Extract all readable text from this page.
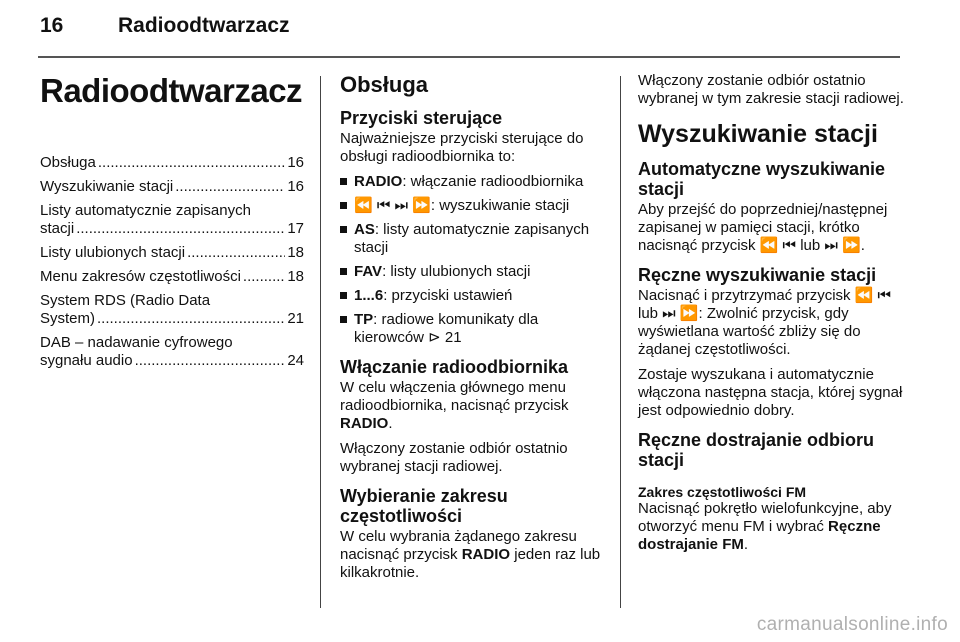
16	Radioodtwarzacz
Radioodtwarzacz
Obsługa .....	16
Wyszukiwanie stacji .....	16
Listy automatycznie zapisanych
stacji .....	17
Listy ulubionych stacji .....	18
Menu zakresów częstotliwości .....	18
System RDS (Radio Data
System) .....	21
DAB – nadawanie cyfrowego
sygnału audio .....	24
Obsługa
Przyciski sterujące

Najważniejsze przyciski sterujące do obsługi radioodbiornika to:

RADIO: włączanie radioodbiornika
⏪ ⏮ ⏭ ⏩: wyszukiwanie stacji
AS: listy automatycznie zapisanych stacji
FAV: listy ulubionych stacji
1...6: przyciski ustawień
TP: radiowe komunikaty dla kierowców ⊳ 21
Włączanie radioodbiornika

W celu włączenia głównego menu radioodbiornika, nacisnąć przycisk RADIO.

Włączony zostanie odbiór ostatnio wybranej stacji radiowej.

Wybieranie zakresu częstotliwości

W celu wybrania żądanego zakresu nacisnąć przycisk RADIO jeden raz lub kilkakrotnie.

Włączony zostanie odbiór ostatnio wybranej w tym zakresie stacji radiowej.

Wyszukiwanie stacji
Automatyczne wyszukiwanie stacji

Aby przejść do poprzedniej/następnej zapisanej w pamięci stacji, krótko nacisnąć przycisk ⏪ ⏮ lub ⏭ ⏩.

Ręczne wyszukiwanie stacji

Nacisnąć i przytrzymać przycisk ⏪ ⏮ lub ⏭ ⏩: Zwolnić przycisk, gdy wyświetlana wartość zbliży się do żądanej częstotliwości.

Zostaje wyszukana i automatycznie włączona następna stacja, której sygnał jest odpowiednio dobry.

Ręczne dostrajanie odbioru stacji
Zakres częstotliwości FM

Nacisnąć pokrętło wielofunkcyjne, aby otworzyć menu FM i wybrać Ręczne dostrajanie FM.

carmanualsonline.info
